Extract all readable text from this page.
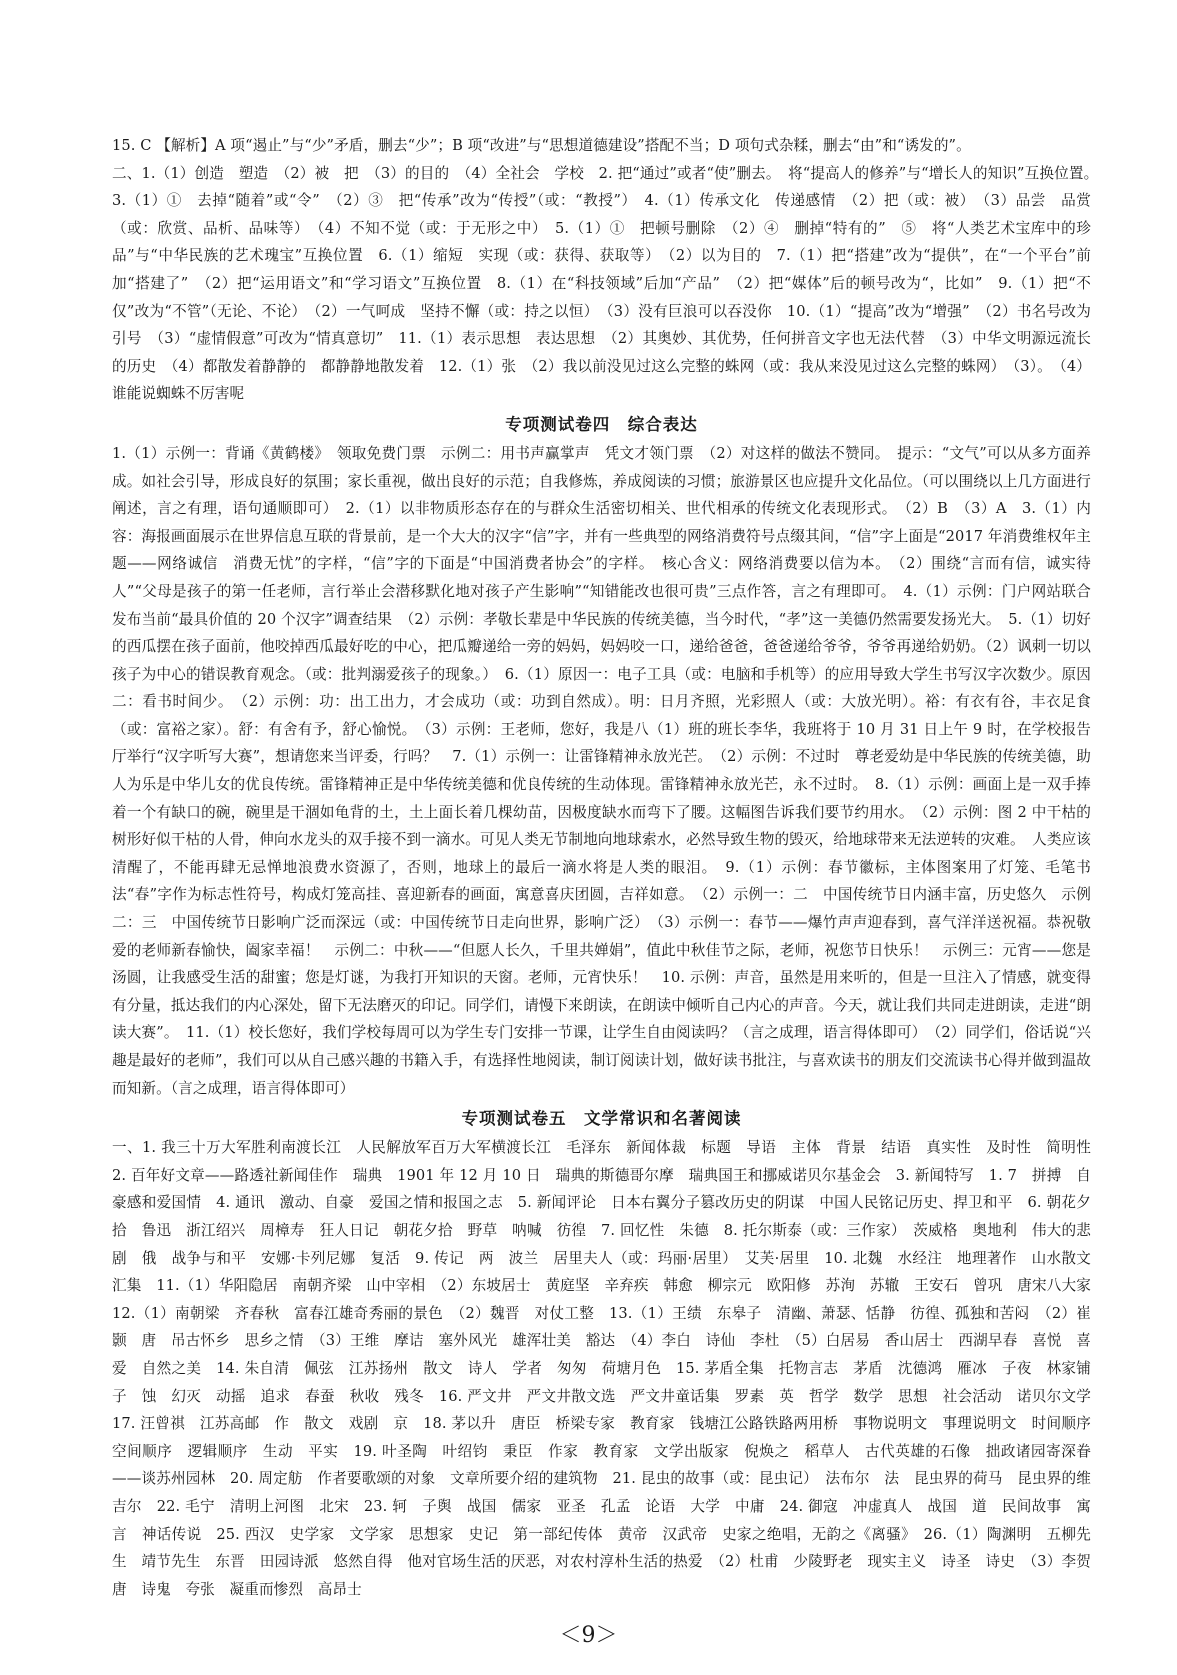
15. C 【解析】A 项“遏止”与“少”矛盾，删去“少”；B 项“改进”与“思想道德建设”搭配不当；D 项句式杂糅，删去“由”和“诱发的”。

二、1.（1）创造　塑造　（2）被　把　（3）的目的　（4）全社会　学校　2. 把“通过”或者“使”删去。　将“提高人的修养”与“增长人的知识”互换位置。　3.（1）①　去掉“随着”或“令”　（2）③　把“传承”改为“传授”（或：“教授”）　4.（1）传承文化　传递感情　（2）把（或：被）　（3）品尝　品赏（或：欣赏、品析、品味等）　（4）不知不觉（或：于无形之中）　5.（1）①　把顿号删除　（2）④　删掉“特有的”　⑤　将“人类艺术宝库中的珍品”与“中华民族的艺术瑰宝”互换位置　6.（1）缩短　实现（或：获得、获取等）　（2）以为目的　7.（1）把“搭建”改为“提供”，在“一个平台”前加“搭建了”　（2）把“运用语文”和“学习语文”互换位置　8.（1）在“科技领域”后加“产品”　（2）把“媒体”后的顿号改为“，比如”　9.（1）把“不仅”改为“不管”（无论、不论）　（2）一气呵成　坚持不懈（或：持之以恒）　（3）没有巨浪可以吞没你　10.（1）“提高”改为“增强”　（2）书名号改为引号　（3）“虚情假意”可改为“情真意切”　11.（1）表示思想　表达思想　（2）其奥妙、其优势，任何拼音文字也无法代替　（3）中华文明源远流长　的历史　（4）都散发着静静的　都静静地散发着　12.（1）张　（2）我以前没见过这么完整的蛛网（或：我从来没见过这么完整的蛛网）　（3）。　（4）谁能说蜘蛛不厉害呢

专项测试卷四　综合表达

1.（1）示例一：背诵《黄鹤楼》　领取免费门票　示例二：用书声赢掌声　凭文才领门票　（2）对这样的做法不赞同。　提示：“文气”可以从多方面养成。如社会引导，形成良好的氛围；家长重视，做出良好的示范；自我修炼，养成阅读的习惯；旅游景区也应提升文化品位。（可以围绕以上几方面进行阐述，言之有理，语句通顺即可）　2.（1）以非物质形态存在的与群众生活密切相关、世代相承的传统文化表现形式。　（2）B　（3）A　3.（1）内容：海报画面展示在世界信息互联的背景前，是一个大大的汉字“信”字，并有一些典型的网络消费符号点缀其间，“信”字上面是“2017 年消费维权年主题——网络诚信　消费无忧”的字样，“信”字的下面是“中国消费者协会”的字样。　核心含义：网络消费要以信为本。　（2）围绕“言而有信，诚实待人”“父母是孩子的第一任老师，言行举止会潜移默化地对孩子产生影响”“知错能改也很可贵”三点作答，言之有理即可。　4.（1）示例：门户网站联合发布当前“最具价值的 20 个汉字”调查结果　（2）示例：孝敬长辈是中华民族的传统美德，当今时代，“孝”这一美德仍然需要发扬光大。　5.（1）切好的西瓜摆在孩子面前，他咬掉西瓜最好吃的中心，把瓜瓣递给一旁的妈妈，妈妈咬一口，递给爸爸，爸爸递给爷爷，爷爷再递给奶奶。（2）讽刺一切以孩子为中心的错误教育观念。（或：批判溺爱孩子的现象。）　6.（1）原因一：电子工具（或：电脑和手机等）的应用导致大学生书写汉字次数少。原因二：看书时间少。　（2）示例：功：出工出力，才会成功（或：功到自然成）。明：日月齐照，光彩照人（或：大放光明）。裕：有衣有谷，丰衣足食（或：富裕之家）。舒：有舍有予，舒心愉悦。　（3）示例：王老师，您好，我是八（1）班的班长李华，我班将于 10 月 31 日上午 9 时，在学校报告厅举行“汉字听写大赛”，想请您来当评委，行吗？　7.（1）示例一：让雷锋精神永放光芒。　（2）示例：不过时　尊老爱幼是中华民族的传统美德，助人为乐是中华儿女的优良传统。雷锋精神正是中华传统美德和优良传统的生动体现。雷锋精神永放光芒，永不过时。　8.（1）示例：画面上是一双手捧着一个有缺口的碗，碗里是干涸如龟背的土，土上面长着几棵幼苗，因极度缺水而弯下了腰。这幅图告诉我们要节约用水。　（2）示例：图 2 中干枯的树形好似干枯的人骨，伸向水龙头的双手接不到一滴水。可见人类无节制地向地球索水，必然导致生物的毁灭，给地球带来无法逆转的灾难。　人类应该清醒了，不能再肆无忌惮地浪费水资源了，否则，地球上的最后一滴水将是人类的眼泪。　9.（1）示例：春节徽标，主体图案用了灯笼、毛笔书法“春”字作为标志性符号，构成灯笼高挂、喜迎新春的画面，寓意喜庆团圆，吉祥如意。　（2）示例一：二　中国传统节日内涵丰富，历史悠久　示例二：三　中国传统节日影响广泛而深远（或：中国传统节日走向世界，影响广泛）　（3）示例一：春节——爆竹声声迎春到，喜气洋洋送祝福。恭祝敬爱的老师新春愉快，阖家幸福！　示例二：中秋——“但愿人长久，千里共婵娟”，值此中秋佳节之际，老师，祝您节日快乐！　示例三：元宵——您是汤圆，让我感受生活的甜蜜；您是灯谜，为我打开知识的天窗。老师，元宵快乐！　10. 示例：声音，虽然是用来听的，但是一旦注入了情感，就变得有分量，抵达我们的内心深处，留下无法磨灭的印记。同学们，请慢下来朗读，在朗读中倾听自己内心的声音。今天，就让我们共同走进朗读，走进“朗读大赛”。　11.（1）校长您好，我们学校每周可以为学生专门安排一节课，让学生自由阅读吗？（言之成理，语言得体即可）　（2）同学们，俗话说“兴趣是最好的老师”，我们可以从自己感兴趣的书籍入手，有选择性地阅读，制订阅读计划，做好读书批注，与喜欢读书的朋友们交流读书心得并做到温故而知新。（言之成理，语言得体即可）

专项测试卷五　文学常识和名著阅读

一、1. 我三十万大军胜利南渡长江　人民解放军百万大军横渡长江　毛泽东　新闻体裁　标题　导语　主体　背景　结语　真实性　及时性　简明性　2. 百年好文章——路透社新闻佳作　瑞典　1901 年 12 月 10 日　瑞典的斯德哥尔摩　瑞典国王和挪威诺贝尔基金会　3. 新闻特写　1. 7　拼搏　自豪感和爱国情　4. 通讯　激动、自豪　爱国之情和报国之志　5. 新闻评论　日本右翼分子篡改历史的阴谋　中国人民铭记历史、捍卫和平　6. 朝花夕拾　鲁迅　浙江绍兴　周樟寿　狂人日记　朝花夕拾　野草　呐喊　彷徨　7. 回忆性　朱德　8. 托尔斯泰（或：三作家）　茨威格　奥地利　伟大的悲剧　俄　战争与和平　安娜·卡列尼娜　复活　9. 传记　两　波兰　居里夫人（或：玛丽·居里）　艾芙·居里　10. 北魏　水经注　地理著作　山水散文汇集　11.（1）华阳隐居　南朝齐梁　山中宰相　（2）东坡居士　黄庭坚　辛弃疾　韩愈　柳宗元　欧阳修　苏洵　苏辙　王安石　曾巩　唐宋八大家　12.（1）南朝梁　齐春秋　富春江雄奇秀丽的景色　（2）魏晋　对仗工整　13.（1）王绩　东皋子　清幽、萧瑟、恬静　彷徨、孤独和苦闷　（2）崔颢　唐　吊古怀乡　思乡之情　（3）王维　摩诘　塞外风光　雄浑壮美　豁达　（4）李白　诗仙　李杜　（5）白居易　香山居士　西湖早春　喜悦　喜爱　自然之美　14. 朱自清　佩弦　江苏扬州　散文　诗人　学者　匆匆　荷塘月色　15. 茅盾全集　托物言志　茅盾　沈德鸿　雁冰　子夜　林家铺子　蚀　幻灭　动摇　追求　春蚕　秋收　残冬　16. 严文井　严文井散文选　严文井童话集　罗素　英　哲学　数学　思想　社会活动　诺贝尔文学　17. 汪曾祺　江苏高邮　作　散文　戏剧　京　18. 茅以升　唐臣　桥梁专家　教育家　钱塘江公路铁路两用桥　事物说明文　事理说明文　时间顺序　空间顺序　逻辑顺序　生动　平实　19. 叶圣陶　叶绍钧　秉臣　作家　教育家　文学出版家　倪焕之　稻草人　古代英雄的石像　拙政诸园寄深眷——谈苏州园林　20. 周定舫　作者要歌颂的对象　文章所要介绍的建筑物　21. 昆虫的故事（或：昆虫记）　法布尔　法　昆虫界的荷马　昆虫界的维吉尔　22. 毛宁　清明上河图　北宋　23. 轲　子舆　战国　儒家　亚圣　孔孟　论语　大学　中庸　24. 御寇　冲虚真人　战国　道　民间故事　寓言　神话传说　25. 西汉　史学家　文学家　思想家　史记　第一部纪传体　黄帝　汉武帝　史家之绝唱，无韵之《离骚》　26.（1）陶渊明　五柳先生　靖节先生　东晋　田园诗派　悠然自得　他对官场生活的厌恶，对农村淳朴生活的热爱　（2）杜甫　少陵野老　现实主义　诗圣　诗史　（3）李贺　唐　诗鬼　夸张　凝重而惨烈　高昂士

＜9＞
